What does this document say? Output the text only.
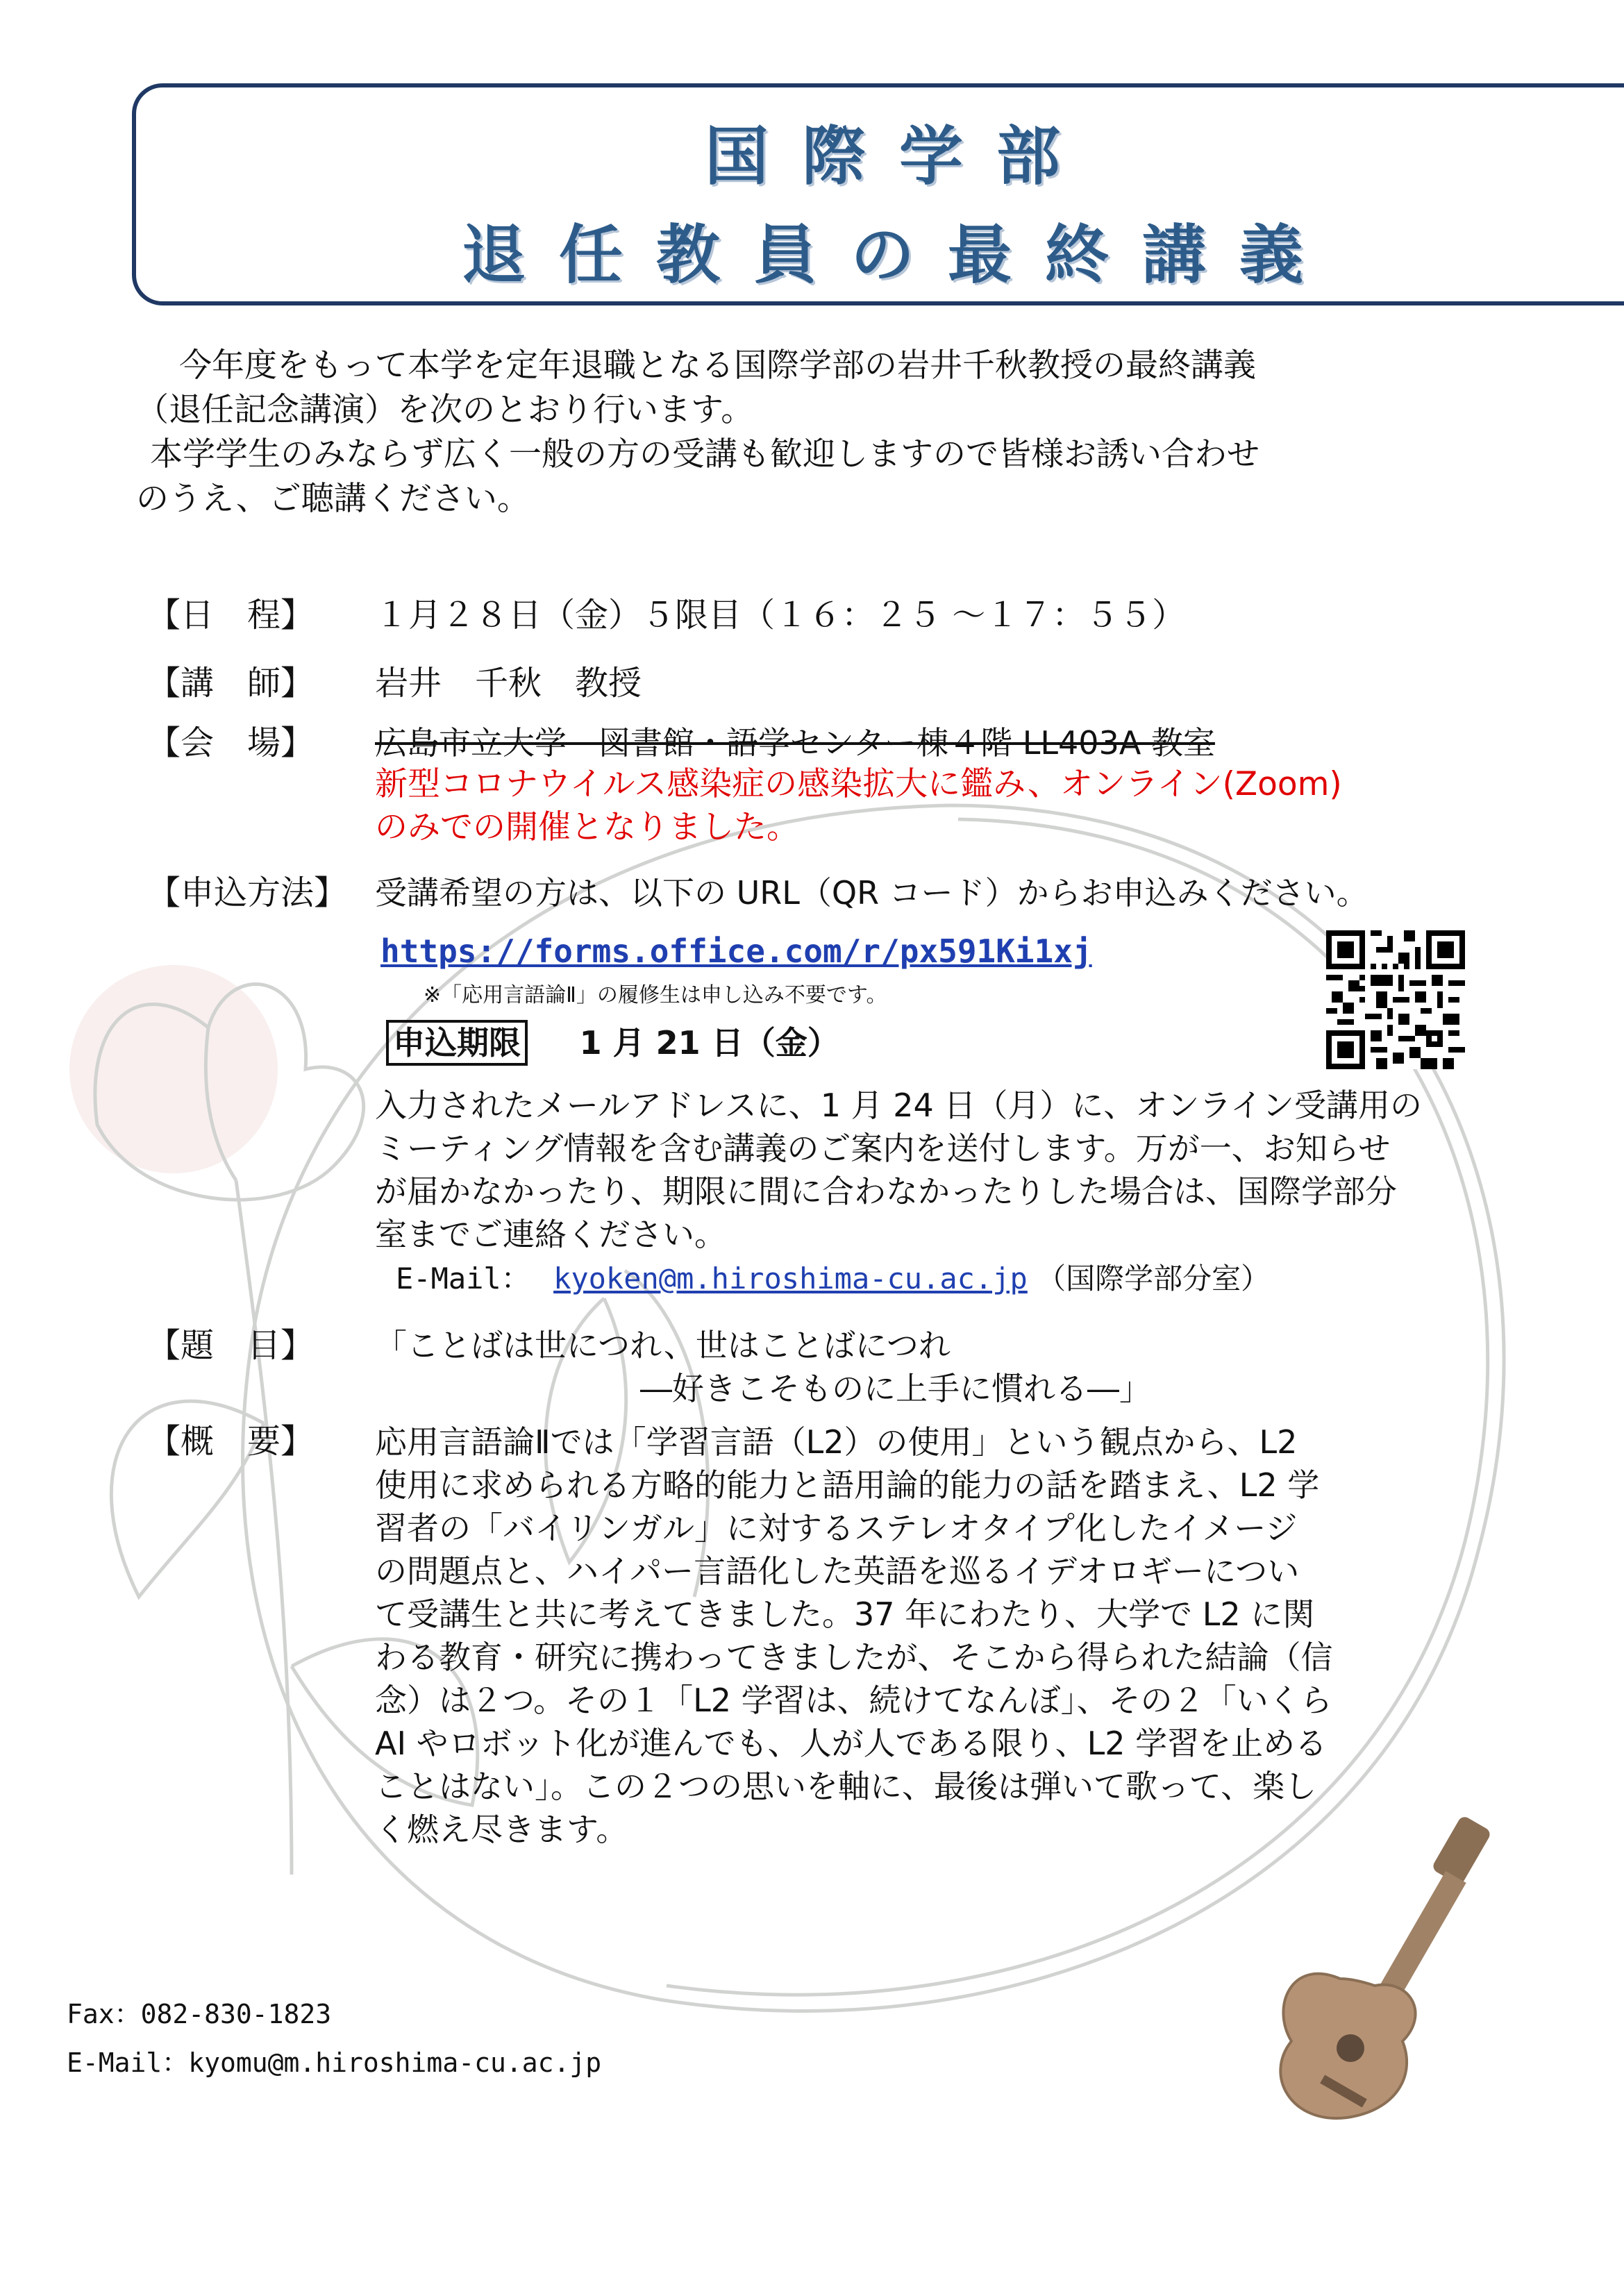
国際学部
退任教員の最終講義
今年度をもって本学を定年退職となる国際学部の岩井千秋教授の最終講義
（退任記念講演）を次のとおり行います。
本学学生のみならず広く一般の方の受講も歓迎しますので皆様お誘い合わせ
のうえ、ご聴講ください。
【日　程】 １月２８日（金）５限目（１６：２５ ～１７：５５）
【講　師】 岩井　千秋　教授
【会　場】 広島市立大学　図書館・語学センター棟４階 LL403A 教室
新型コロナウイルス感染症の感染拡大に鑑み、オンライン(Zoom)
のみでの開催となりました。
【申込方法】 受講希望の方は、以下の URL（QR コード）からお申込みください。
https://forms.office.com/r/px591Ki1xj
※「応用言語論Ⅱ」の履修生は申し込み不要です。
申込期限 1 月 21 日（金）
入力されたメールアドレスに、1 月 24 日（月）に、オンライン受講用の
ミーティング情報を含む講義のご案内を送付します。万が一、お知らせ
が届かなかったり、期限に間に合わなかったりした場合は、国際学部分
室までご連絡ください。
E-Mail： kyoken@m.hiroshima-cu.ac.jp （国際学部分室）
【題　目】 「ことばは世につれ、世はことばにつれ
―好きこそものに上手に慣れる―」
【概　要】 応用言語論Ⅱでは「学習言語（L2）の使用」という観点から、L2
使用に求められる方略的能力と語用論的能力の話を踏まえ、L2 学
習者の「バイリンガル」に対するステレオタイプ化したイメージ
の問題点と、ハイパー言語化した英語を巡るイデオロギーについ
て受講生と共に考えてきました。37 年にわたり、大学で L2 に関
わる教育・研究に携わってきましたが、そこから得られた結論（信
念）は２つ。その１「L2 学習は、続けてなんぼ」、その２「いくら
AI やロボット化が進んでも、人が人である限り、L2 学習を止める
ことはない」。この２つの思いを軸に、最後は弾いて歌って、楽し
く燃え尽きます。
Fax：082-830-1823
E-Mail：kyomu@m.hiroshima-cu.ac.jp
